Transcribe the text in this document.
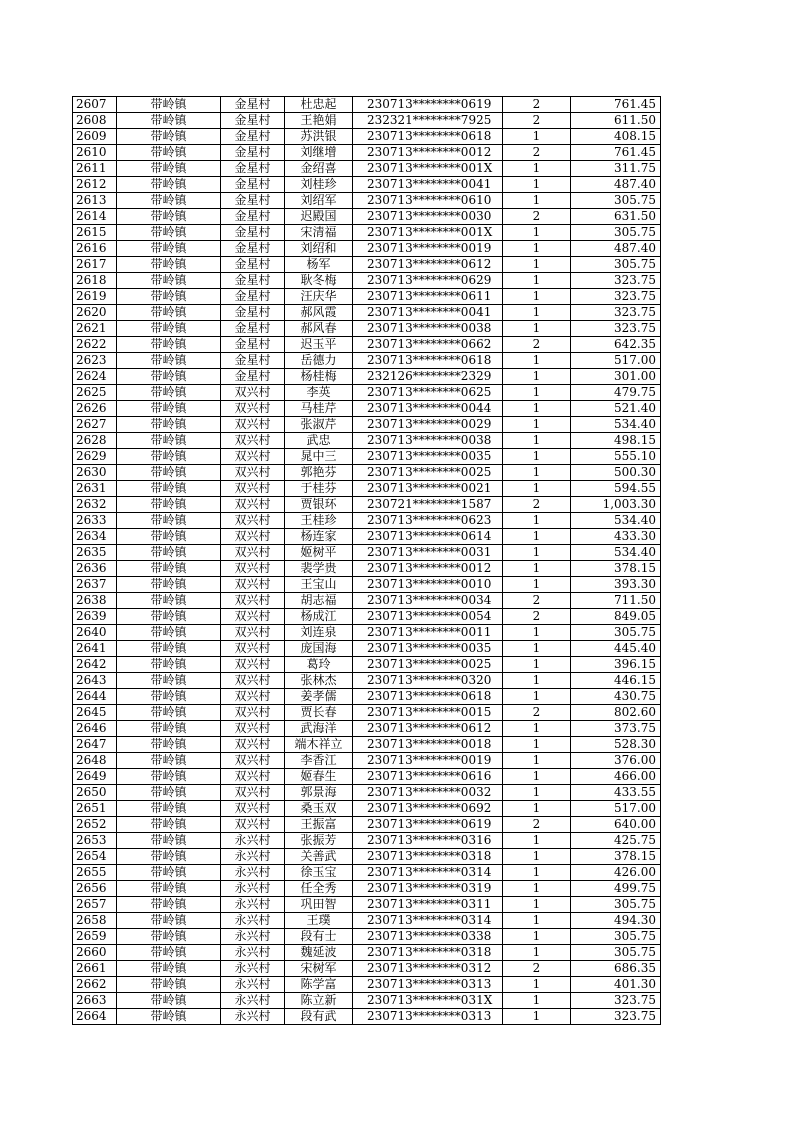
2607	带岭镇	金星村	杜忠起	230713********0619	2	761.45
2608	带岭镇	金星村	王艳娟	232321********7925	2	611.50
2609	带岭镇	金星村	苏洪银	230713********0618	1	408.15
2610	带岭镇	金星村	刘继增	230713********0012	2	761.45
2611	带岭镇	金星村	金绍喜	230713********001X	1	311.75
2612	带岭镇	金星村	刘桂珍	230713********0041	1	487.40
2613	带岭镇	金星村	刘绍军	230713********0610	1	305.75
2614	带岭镇	金星村	迟殿国	230713********0030	2	631.50
2615	带岭镇	金星村	宋清福	230713********001X	1	305.75
2616	带岭镇	金星村	刘绍和	230713********0019	1	487.40
2617	带岭镇	金星村	杨军	230713********0612	1	305.75
2618	带岭镇	金星村	耿冬梅	230713********0629	1	323.75
2619	带岭镇	金星村	汪庆华	230713********0611	1	323.75
2620	带岭镇	金星村	郝风霞	230713********0041	1	323.75
2621	带岭镇	金星村	郝风春	230713********0038	1	323.75
2622	带岭镇	金星村	迟玉平	230713********0662	2	642.35
2623	带岭镇	金星村	岳德力	230713********0618	1	517.00
2624	带岭镇	金星村	杨桂梅	232126********2329	1	301.00
2625	带岭镇	双兴村	李英	230713********0625	1	479.75
2626	带岭镇	双兴村	马桂芹	230713********0044	1	521.40
2627	带岭镇	双兴村	张淑芹	230713********0029	1	534.40
2628	带岭镇	双兴村	武忠	230713********0038	1	498.15
2629	带岭镇	双兴村	晁中三	230713********0035	1	555.10
2630	带岭镇	双兴村	郭艳芬	230713********0025	1	500.30
2631	带岭镇	双兴村	于桂芬	230713********0021	1	594.55
2632	带岭镇	双兴村	贾银环	230721********1587	2	1,003.30
2633	带岭镇	双兴村	王桂珍	230713********0623	1	534.40
2634	带岭镇	双兴村	杨连家	230713********0614	1	433.30
2635	带岭镇	双兴村	姬树平	230713********0031	1	534.40
2636	带岭镇	双兴村	裴学贵	230713********0012	1	378.15
2637	带岭镇	双兴村	王宝山	230713********0010	1	393.30
2638	带岭镇	双兴村	胡志福	230713********0034	2	711.50
2639	带岭镇	双兴村	杨成江	230713********0054	2	849.05
2640	带岭镇	双兴村	刘连泉	230713********0011	1	305.75
2641	带岭镇	双兴村	庞国海	230713********0035	1	445.40
2642	带岭镇	双兴村	葛玲	230713********0025	1	396.15
2643	带岭镇	双兴村	张林杰	230713********0320	1	446.15
2644	带岭镇	双兴村	姜孝儒	230713********0618	1	430.75
2645	带岭镇	双兴村	贾长春	230713********0015	2	802.60
2646	带岭镇	双兴村	武海洋	230713********0612	1	373.75
2647	带岭镇	双兴村	端木祥立	230713********0018	1	528.30
2648	带岭镇	双兴村	李香江	230713********0019	1	376.00
2649	带岭镇	双兴村	姬春生	230713********0616	1	466.00
2650	带岭镇	双兴村	郭景海	230713********0032	1	433.55
2651	带岭镇	双兴村	桑玉双	230713********0692	1	517.00
2652	带岭镇	双兴村	王振富	230713********0619	2	640.00
2653	带岭镇	永兴村	张振芳	230713********0316	1	425.75
2654	带岭镇	永兴村	关善武	230713********0318	1	378.15
2655	带岭镇	永兴村	徐玉宝	230713********0314	1	426.00
2656	带岭镇	永兴村	任全秀	230713********0319	1	499.75
2657	带岭镇	永兴村	巩田智	230713********0311	1	305.75
2658	带岭镇	永兴村	王璞	230713********0314	1	494.30
2659	带岭镇	永兴村	段有士	230713********0338	1	305.75
2660	带岭镇	永兴村	魏延波	230713********0318	1	305.75
2661	带岭镇	永兴村	宋树军	230713********0312	2	686.35
2662	带岭镇	永兴村	陈学富	230713********0313	1	401.30
2663	带岭镇	永兴村	陈立新	230713********031X	1	323.75
2664	带岭镇	永兴村	段有武	230713********0313	1	323.75
